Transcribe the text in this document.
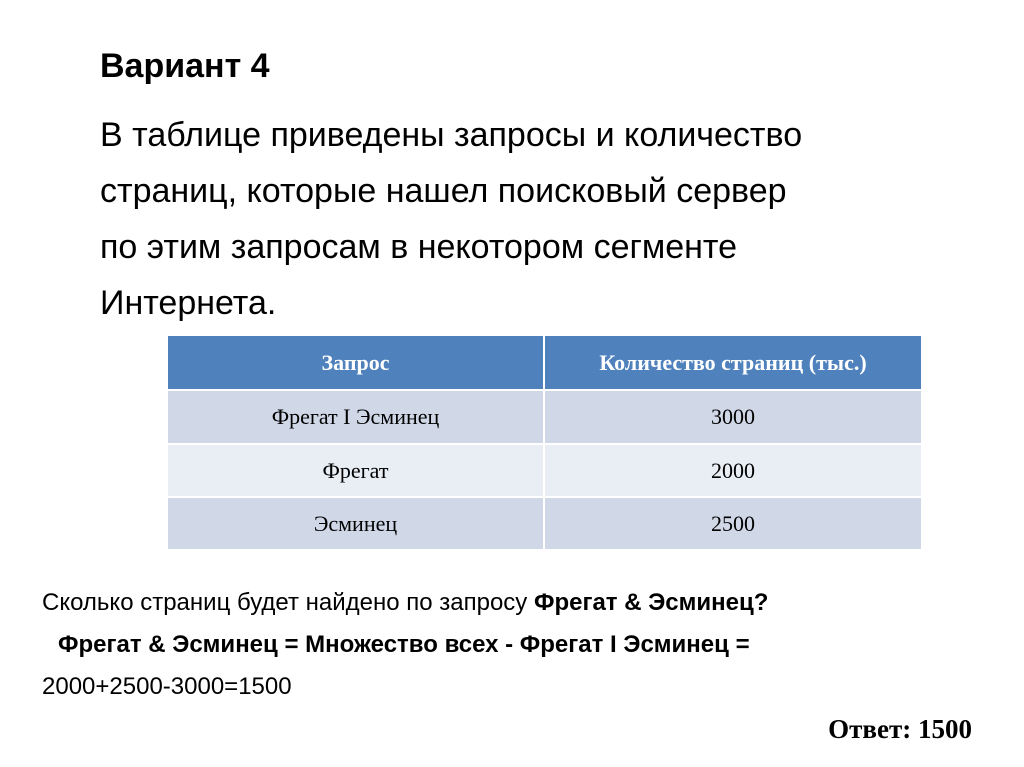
Вариант 4
В таблице приведены запросы и количество
страниц, которые нашел поисковый сервер
по этим запросам в некотором сегменте
Интернета.
Запрос	Количество страниц (тыс.)
Фрегат I Эсминец	3000
Фрегат	2000
Эсминец	2500
Сколько страниц будет найдено по запросу Фрегат & Эсминец?
Фрегат & Эсминец = Множество всех - Фрегат I Эсминец =
2000+2500-3000=1500
Ответ: 1500
